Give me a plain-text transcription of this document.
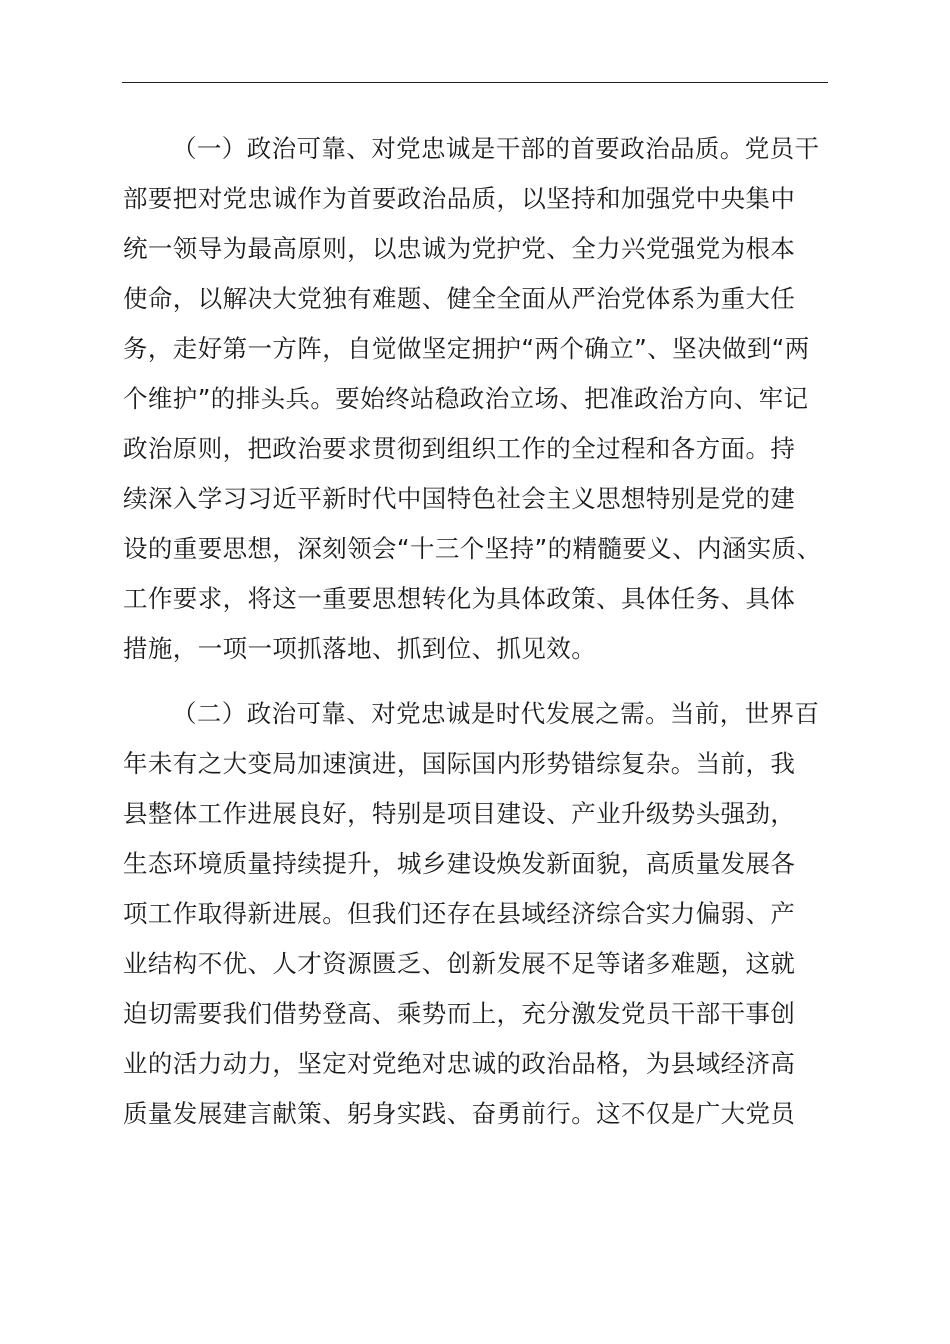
（一）政治可靠、对党忠诚是干部的首要政治品质。党员干
部要把对党忠诚作为首要政治品质，以坚持和加强党中央集中
统一领导为最高原则，以忠诚为党护党、全力兴党强党为根本
使命，以解决大党独有难题、健全全面从严治党体系为重大任
务，走好第一方阵，自觉做坚定拥护“两个确立”、坚决做到“两
个维护”的排头兵。要始终站稳政治立场、把准政治方向、牢记
政治原则，把政治要求贯彻到组织工作的全过程和各方面。持
续深入学习习近平新时代中国特色社会主义思想特别是党的建
设的重要思想，深刻领会“十三个坚持”的精髓要义、内涵实质、
工作要求，将这一重要思想转化为具体政策、具体任务、具体
措施，一项一项抓落地、抓到位、抓见效。
（二）政治可靠、对党忠诚是时代发展之需。当前，世界百
年未有之大变局加速演进，国际国内形势错综复杂。当前，我
县整体工作进展良好，特别是项目建设、产业升级势头强劲，
生态环境质量持续提升，城乡建设焕发新面貌，高质量发展各
项工作取得新进展。但我们还存在县域经济综合实力偏弱、产
业结构不优、人才资源匮乏、创新发展不足等诸多难题，这就
迫切需要我们借势登高、乘势而上，充分激发党员干部干事创
业的活力动力，坚定对党绝对忠诚的政治品格，为县域经济高
质量发展建言献策、躬身实践、奋勇前行。这不仅是广大党员
